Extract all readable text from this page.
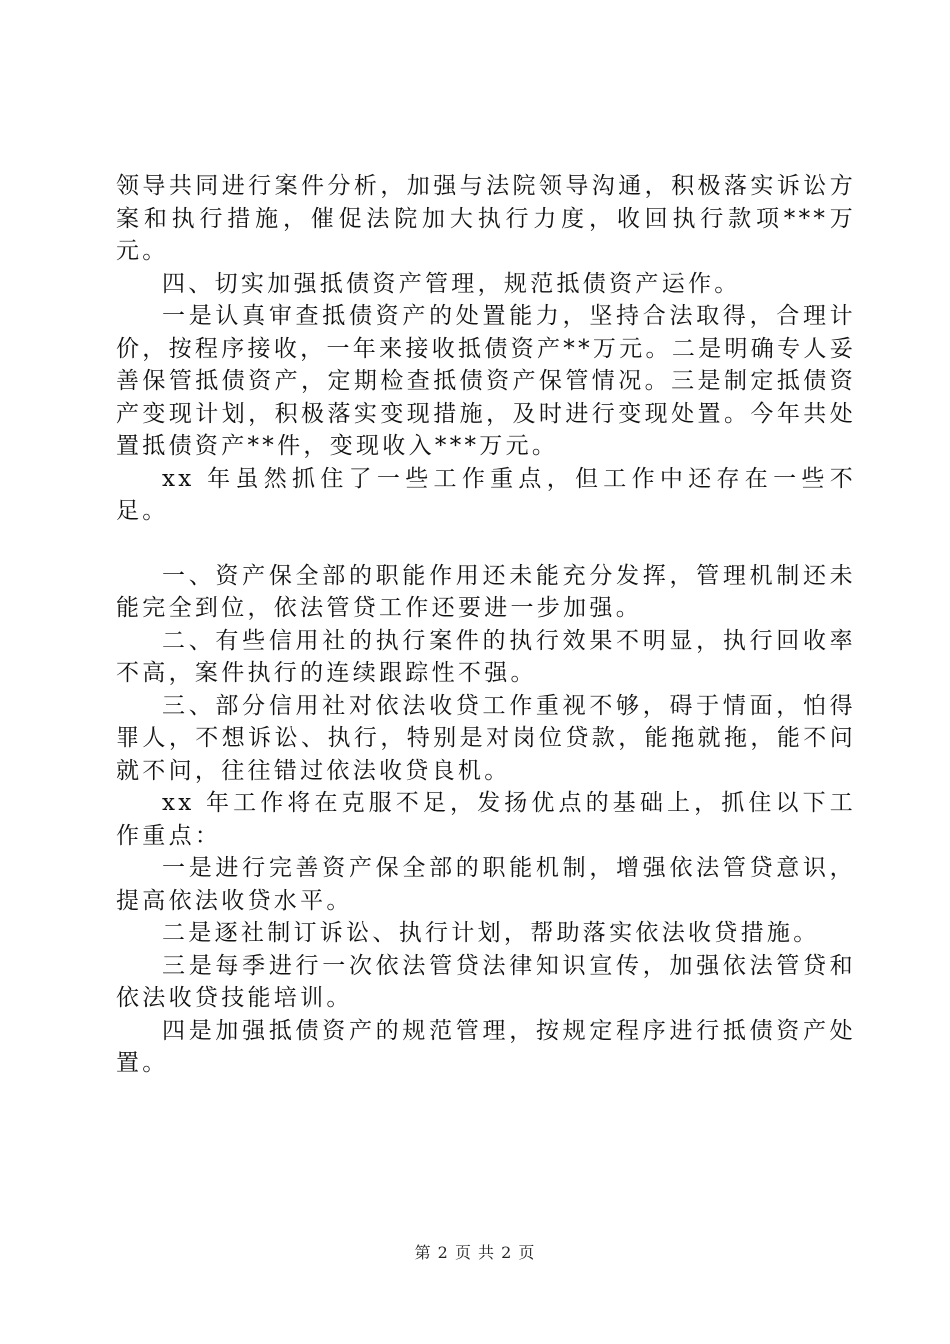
领导共同进行案件分析，加强与法院领导沟通，积极落实诉讼方案和执行措施，催促法院加大执行力度，收回执行款项***万元。

四、切实加强抵债资产管理，规范抵债资产运作。

一是认真审查抵债资产的处置能力，坚持合法取得，合理计价，按程序接收，一年来接收抵债资产**万元。二是明确专人妥善保管抵债资产，定期检查抵债资产保管情况。三是制定抵债资产变现计划，积极落实变现措施，及时进行变现处置。今年共处置抵债资产**件，变现收入***万元。

xx 年虽然抓住了一些工作重点，但工作中还存在一些不足。

一、资产保全部的职能作用还未能充分发挥，管理机制还未能完全到位，依法管贷工作还要进一步加强。

二、有些信用社的执行案件的执行效果不明显，执行回收率不高，案件执行的连续跟踪性不强。

三、部分信用社对依法收贷工作重视不够，碍于情面，怕得罪人，不想诉讼、执行，特别是对岗位贷款，能拖就拖，能不问就不问，往往错过依法收贷良机。

xx 年工作将在克服不足，发扬优点的基础上，抓住以下工作重点：

一是进行完善资产保全部的职能机制，增强依法管贷意识，提高依法收贷水平。

二是逐社制订诉讼、执行计划，帮助落实依法收贷措施。

三是每季进行一次依法管贷法律知识宣传，加强依法管贷和依法收贷技能培训。

四是加强抵债资产的规范管理，按规定程序进行抵债资产处置。

第 2 页 共 2 页
